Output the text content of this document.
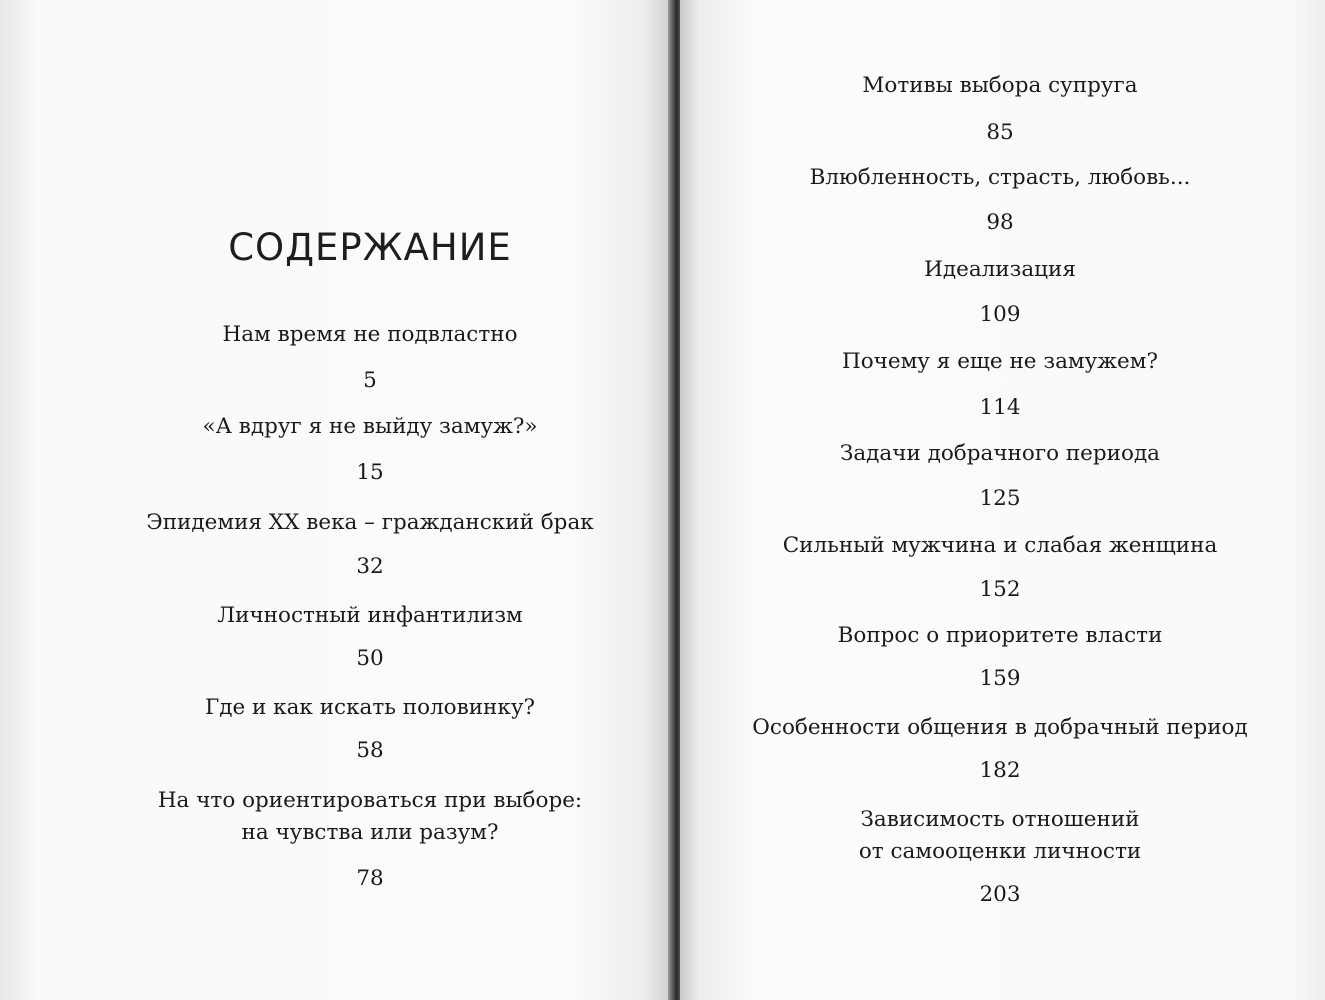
СОДЕРЖАНИЕ
Нам время не подвластно
5
«А вдруг я не выйду замуж?»
15
Эпидемия XX века – гражданский брак
32
Личностный инфантилизм
50
Где и как искать половинку?
58
На что ориентироваться при выборе:
на чувства или разум?
78
Мотивы выбора супруга
85
Влюбленность, страсть, любовь...
98
Идеализация
109
Почему я еще не замужем?
114
Задачи добрачного периода
125
Сильный мужчина и слабая женщина
152
Вопрос о приоритете власти
159
Особенности общения в добрачный период
182
Зависимость отношений
от самооценки личности
203
